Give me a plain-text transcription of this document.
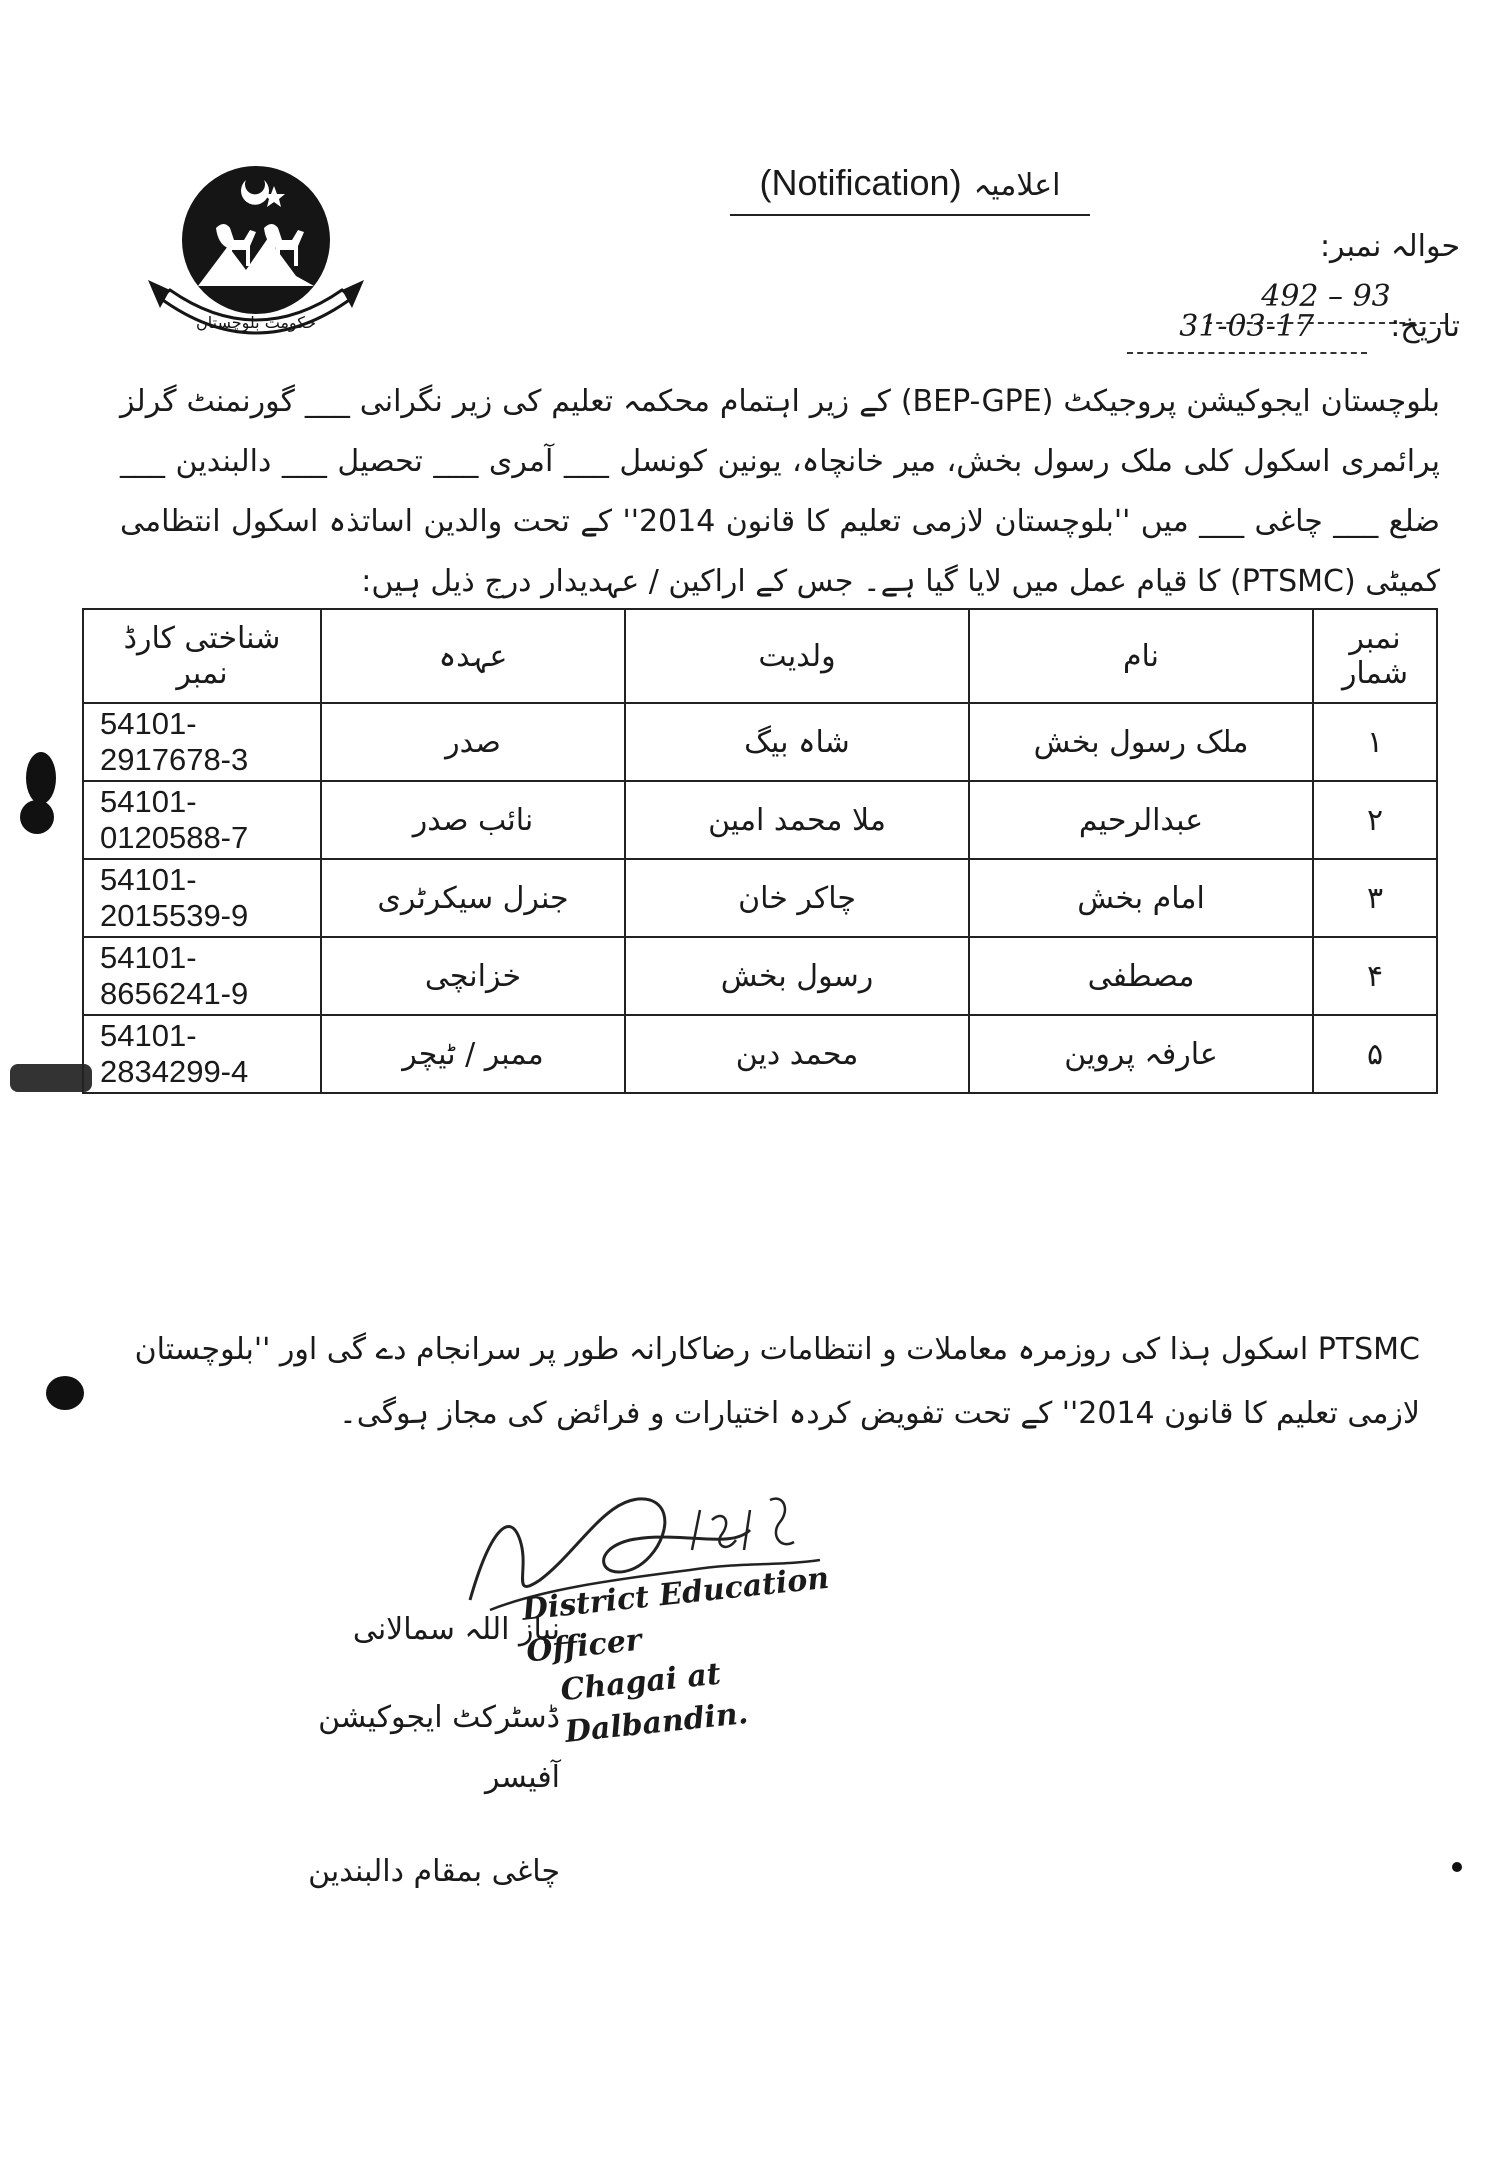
حکومت بلوچستان
اعلامیہ (Notification)
حوالہ نمبر: 492 – 93
تاریخ: 31-03-17
بلوچستان ایجوکیشن پروجیکٹ (BEP-GPE) کے زیر اہتمام محکمہ تعلیم کی زیر نگرانی ___ گورنمنٹ گرلز پرائمری اسکول کلی ملک رسول بخش، میر خانچاہ، یونین کونسل ___ آمری ___ تحصیل ___ دالبندین ___ ضلع ___ چاغی ___ میں ''بلوچستان لازمی تعلیم کا قانون 2014'' کے تحت والدین اساتذہ اسکول انتظامی کمیٹی (PTSMC) کا قیام عمل میں لایا گیا ہے۔ جس کے اراکین / عہدیدار درج ذیل ہیں:
نمبر شمار	نام	ولدیت	عہدہ	شناختی کارڈ نمبر
۱	ملک رسول بخش	شاہ بیگ	صدر	54101-2917678-3
۲	عبدالرحیم	ملا محمد امین	نائب صدر	54101-0120588-7
۳	امام بخش	چاکر خان	جنرل سیکرٹری	54101-2015539-9
۴	مصطفی	رسول بخش	خزانچی	54101-8656241-9
۵	عارفہ پروین	محمد دین	ممبر / ٹیچر	54101-2834299-4
PTSMC اسکول ہذا کی روزمرہ معاملات و انتظامات رضاکارانہ طور پر سرانجام دے گی اور ''بلوچستان لازمی تعلیم کا قانون 2014'' کے تحت تفویض کردہ اختیارات و فرائض کی مجاز ہوگی۔
District Education Officer
Chagai at Dalbandin.
نیاز اللہ سمالانی
ڈسٹرکٹ ایجوکیشن آفیسر
چاغی بمقام دالبندین
